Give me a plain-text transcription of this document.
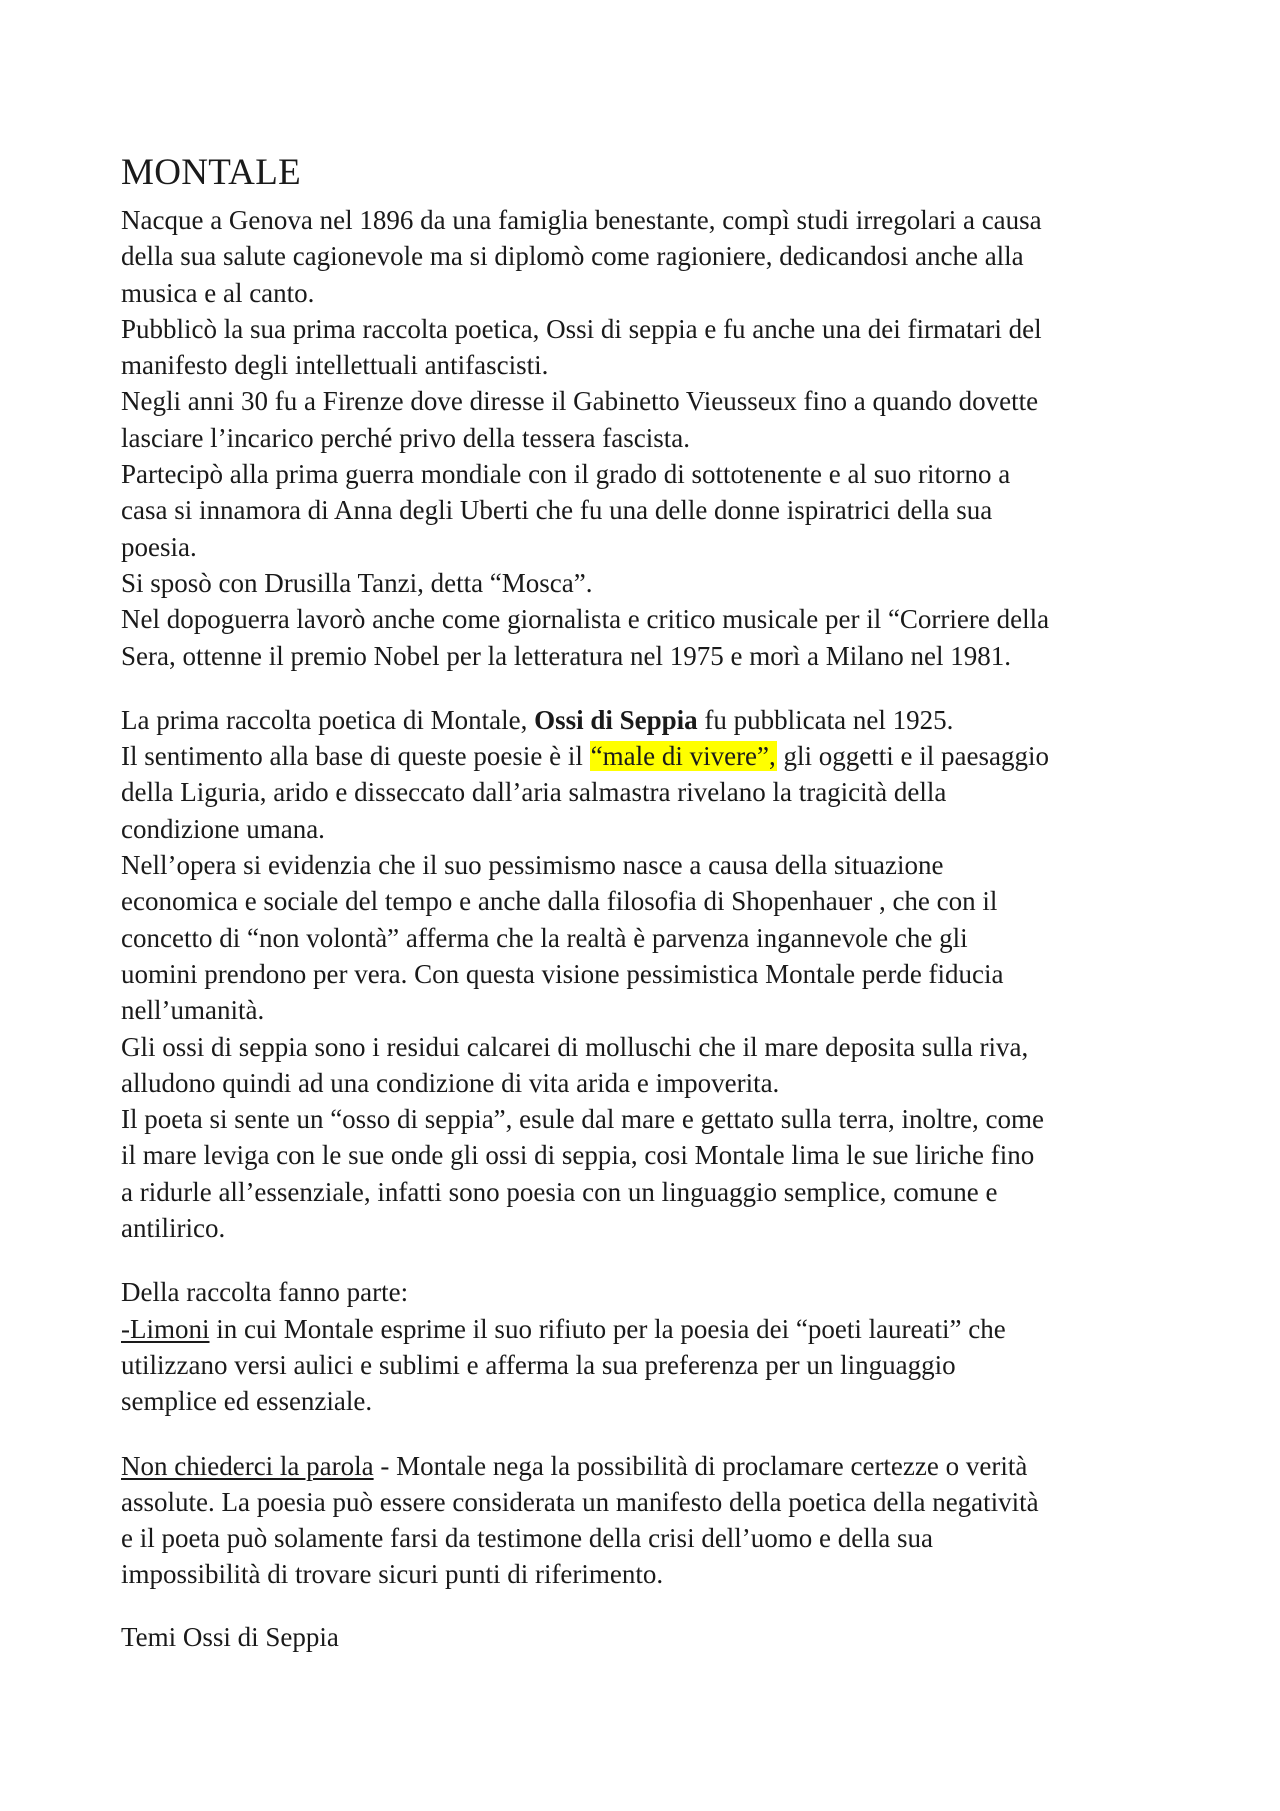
MONTALE
Nacque a Genova nel 1896 da una famiglia benestante, compì studi irregolari a causa
della sua salute cagionevole ma si diplomò come ragioniere, dedicandosi anche alla
musica e al canto.
Pubblicò la sua prima raccolta poetica, Ossi di seppia e fu anche una dei firmatari del
manifesto degli intellettuali antifascisti.
Negli anni 30 fu a Firenze dove diresse il Gabinetto Vieusseux fino a quando dovette
lasciare l’incarico perché privo della tessera fascista.
Partecipò alla prima guerra mondiale con il grado di sottotenente e al suo ritorno a
casa si innamora di Anna degli Uberti che fu una delle donne ispiratrici della sua
poesia.
Si sposò con Drusilla Tanzi, detta “Mosca”.
Nel dopoguerra lavorò anche come giornalista e critico musicale per il “Corriere della
Sera, ottenne il premio Nobel per la letteratura nel 1975 e morì a Milano nel 1981.
La prima raccolta poetica di Montale, Ossi di Seppia fu pubblicata nel 1925.
Il sentimento alla base di queste poesie è il “male di vivere”, gli oggetti e il paesaggio
della Liguria, arido e disseccato dall’aria salmastra rivelano la tragicità della
condizione umana.
Nell’opera si evidenzia che il suo pessimismo nasce a causa della situazione
economica e sociale del tempo e anche dalla filosofia di Shopenhauer , che con il
concetto di “non volontà” afferma che la realtà è parvenza ingannevole che gli
uomini prendono per vera. Con questa visione pessimistica Montale perde fiducia
nell’umanità.
Gli ossi di seppia sono i residui calcarei di molluschi che il mare deposita sulla riva,
alludono quindi ad una condizione di vita arida e impoverita.
Il poeta si sente un “osso di seppia”, esule dal mare e gettato sulla terra, inoltre, come
il mare leviga con le sue onde gli ossi di seppia, cosi Montale lima le sue liriche fino
a ridurle all’essenziale, infatti sono poesia con un linguaggio semplice, comune e
antilirico.
Della raccolta fanno parte:
-Limoni in cui Montale esprime il suo rifiuto per la poesia dei “poeti laureati” che
utilizzano versi aulici e sublimi e afferma la sua preferenza per un linguaggio
semplice ed essenziale.
Non chiederci la parola - Montale nega la possibilità di proclamare certezze o verità
assolute. La poesia può essere considerata un manifesto della poetica della negatività
e il poeta può solamente farsi da testimone della crisi dell’uomo e della sua
impossibilità di trovare sicuri punti di riferimento.
Temi Ossi di Seppia
